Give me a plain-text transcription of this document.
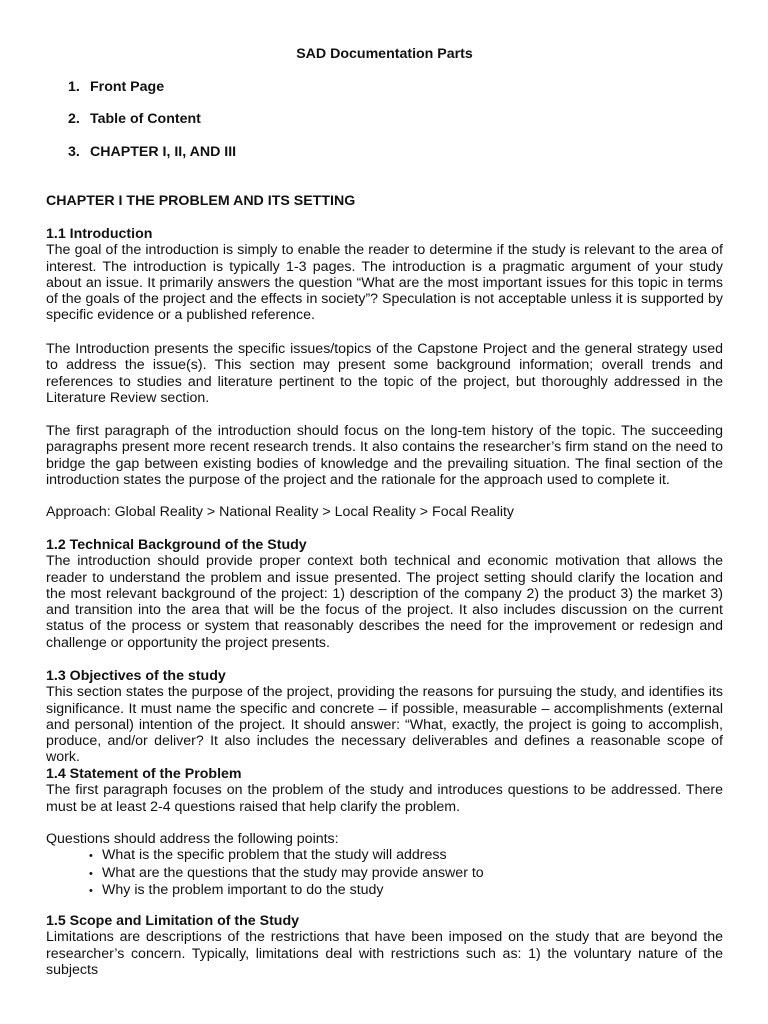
SAD Documentation Parts
1. Front Page
2. Table of Content
3. CHAPTER I, II, AND III

CHAPTER I THE PROBLEM AND ITS SETTING

1.1 Introduction

The goal of the introduction is simply to enable the reader to determine if the study is relevant to the area of interest. The introduction is typically 1-3 pages. The introduction is a pragmatic argument of your study about an issue. It primarily answers the question “What are the most important issues for this topic in terms of the goals of the project and the effects in society”? Speculation is not acceptable unless it is supported by specific evidence or a published reference.

The Introduction presents the specific issues/topics of the Capstone Project and the general strategy used to address the issue(s). This section may present some background information; overall trends and references to studies and literature pertinent to the topic of the project, but thoroughly addressed in the Literature Review section.

The first paragraph of the introduction should focus on the long-tem history of the topic. The succeeding paragraphs present more recent research trends. It also contains the researcher’s firm stand on the need to bridge the gap between existing bodies of knowledge and the prevailing situation. The final section of the introduction states the purpose of the project and the rationale for the approach used to complete it.

Approach: Global Reality > National Reality > Local Reality > Focal Reality

1.2 Technical Background of the Study

The introduction should provide proper context both technical and economic motivation that allows the reader to understand the problem and issue presented. The project setting should clarify the location and the most relevant background of the project: 1) description of the company 2) the product 3) the market 3) and transition into the area that will be the focus of the project. It also includes discussion on the current status of the process or system that reasonably describes the need for the improvement or redesign and challenge or opportunity the project presents.

1.3 Objectives of the study

This section states the purpose of the project, providing the reasons for pursuing the study, and identifies its significance. It must name the specific and concrete – if possible, measurable – accomplishments (external and personal) intention of the project. It should answer: “What, exactly, the project is going to accomplish, produce, and/or deliver? It also includes the necessary deliverables and defines a reasonable scope of work.

1.4 Statement of the Problem

The first paragraph focuses on the problem of the study and introduces questions to be addressed. There must be at least 2-4 questions raised that help clarify the problem.

Questions should address the following points:

• What is the specific problem that the study will address
• What are the questions that the study may provide answer to
• Why is the problem important to do the study

1.5 Scope and Limitation of the Study

Limitations are descriptions of the restrictions that have been imposed on the study that are beyond the researcher’s concern. Typically, limitations deal with restrictions such as: 1) the voluntary nature of the subjects
